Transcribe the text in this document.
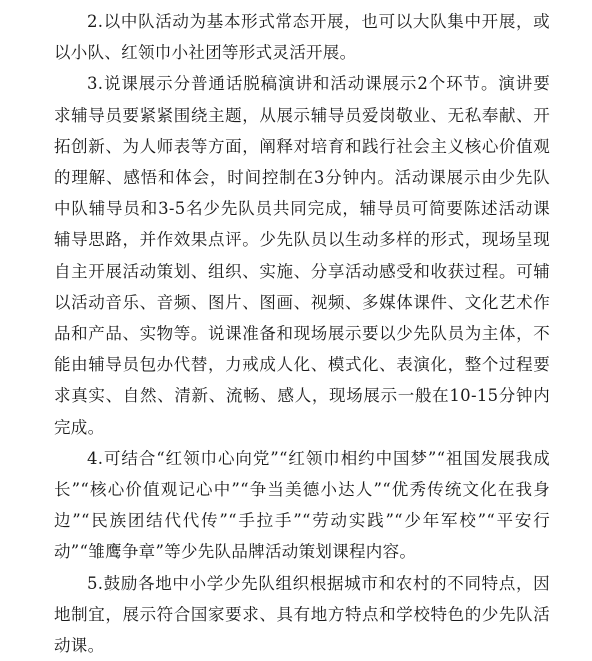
2.以中队活动为基本形式常态开展，也可以大队集中开展，或以小队、红领巾小社团等形式灵活开展。

3.说课展示分普通话脱稿演讲和活动课展示2个环节。演讲要求辅导员要紧紧围绕主题，从展示辅导员爱岗敬业、无私奉献、开拓创新、为人师表等方面，阐释对培育和践行社会主义核心价值观的理解、感悟和体会，时间控制在3分钟内。活动课展示由少先队中队辅导员和3-5名少先队员共同完成，辅导员可简要陈述活动课辅导思路，并作效果点评。少先队员以生动多样的形式，现场呈现自主开展活动策划、组织、实施、分享活动感受和收获过程。可辅以活动音乐、音频、图片、图画、视频、多媒体课件、文化艺术作品和产品、实物等。说课准备和现场展示要以少先队员为主体，不能由辅导员包办代替，力戒成人化、模式化、表演化，整个过程要求真实、自然、清新、流畅、感人，现场展示一般在10-15分钟内完成。

4.可结合“红领巾心向党”“红领巾相约中国梦”“祖国发展我成长”“核心价值观记心中”“争当美德小达人”“优秀传统文化在我身边”“民族团结代代传”“手拉手”“劳动实践”“少年军校”“平安行动”“雏鹰争章”等少先队品牌活动策划课程内容。

5.鼓励各地中小学少先队组织根据城市和农村的不同特点，因地制宜，展示符合国家要求、具有地方特点和学校特色的少先队活动课。
